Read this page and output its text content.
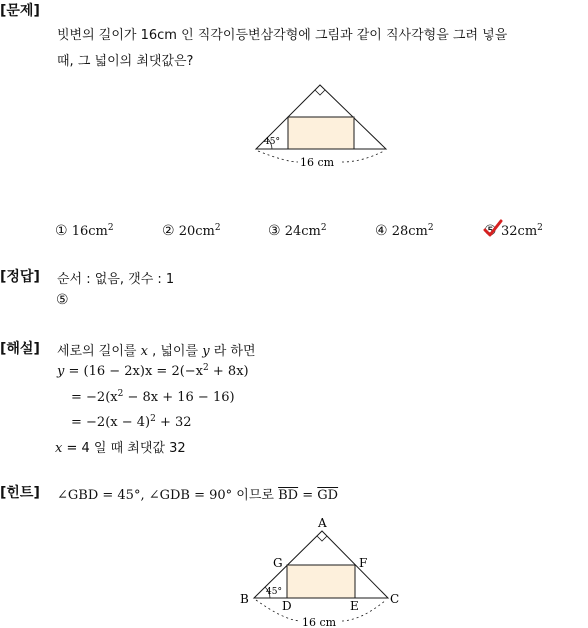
[문제]
빗변의 길이가 16cm 인 직각이등변삼각형에 그림과 같이 직사각형을 그려 넣을
때, 그 넓이의 최댓값은?
45°
16 cm
① $16cm^2$	② $20cm^2$	③ $24cm^2$	④ $28cm^2$	⑤ $32cm^2$
[정답] 순서 : 없음, 갯수 : 1
⑤
[해설] 세로의 길이를 x , 넓이를 y 라 하면
$y = (16 - 2x)x = 2(-x^2 + 8x)$
= $-2(x^2 - 8x + 16 - 16)$
= $-2(x - 4)^2 + 32$
x = 4 일 때 최댓값 32
[힌트] ∠GBD = 45°, ∠GDB = 90° 이므로 $\overline{BD} = \overline{GD}$
45°
A
B	C
D	E
F
G
16 cm
